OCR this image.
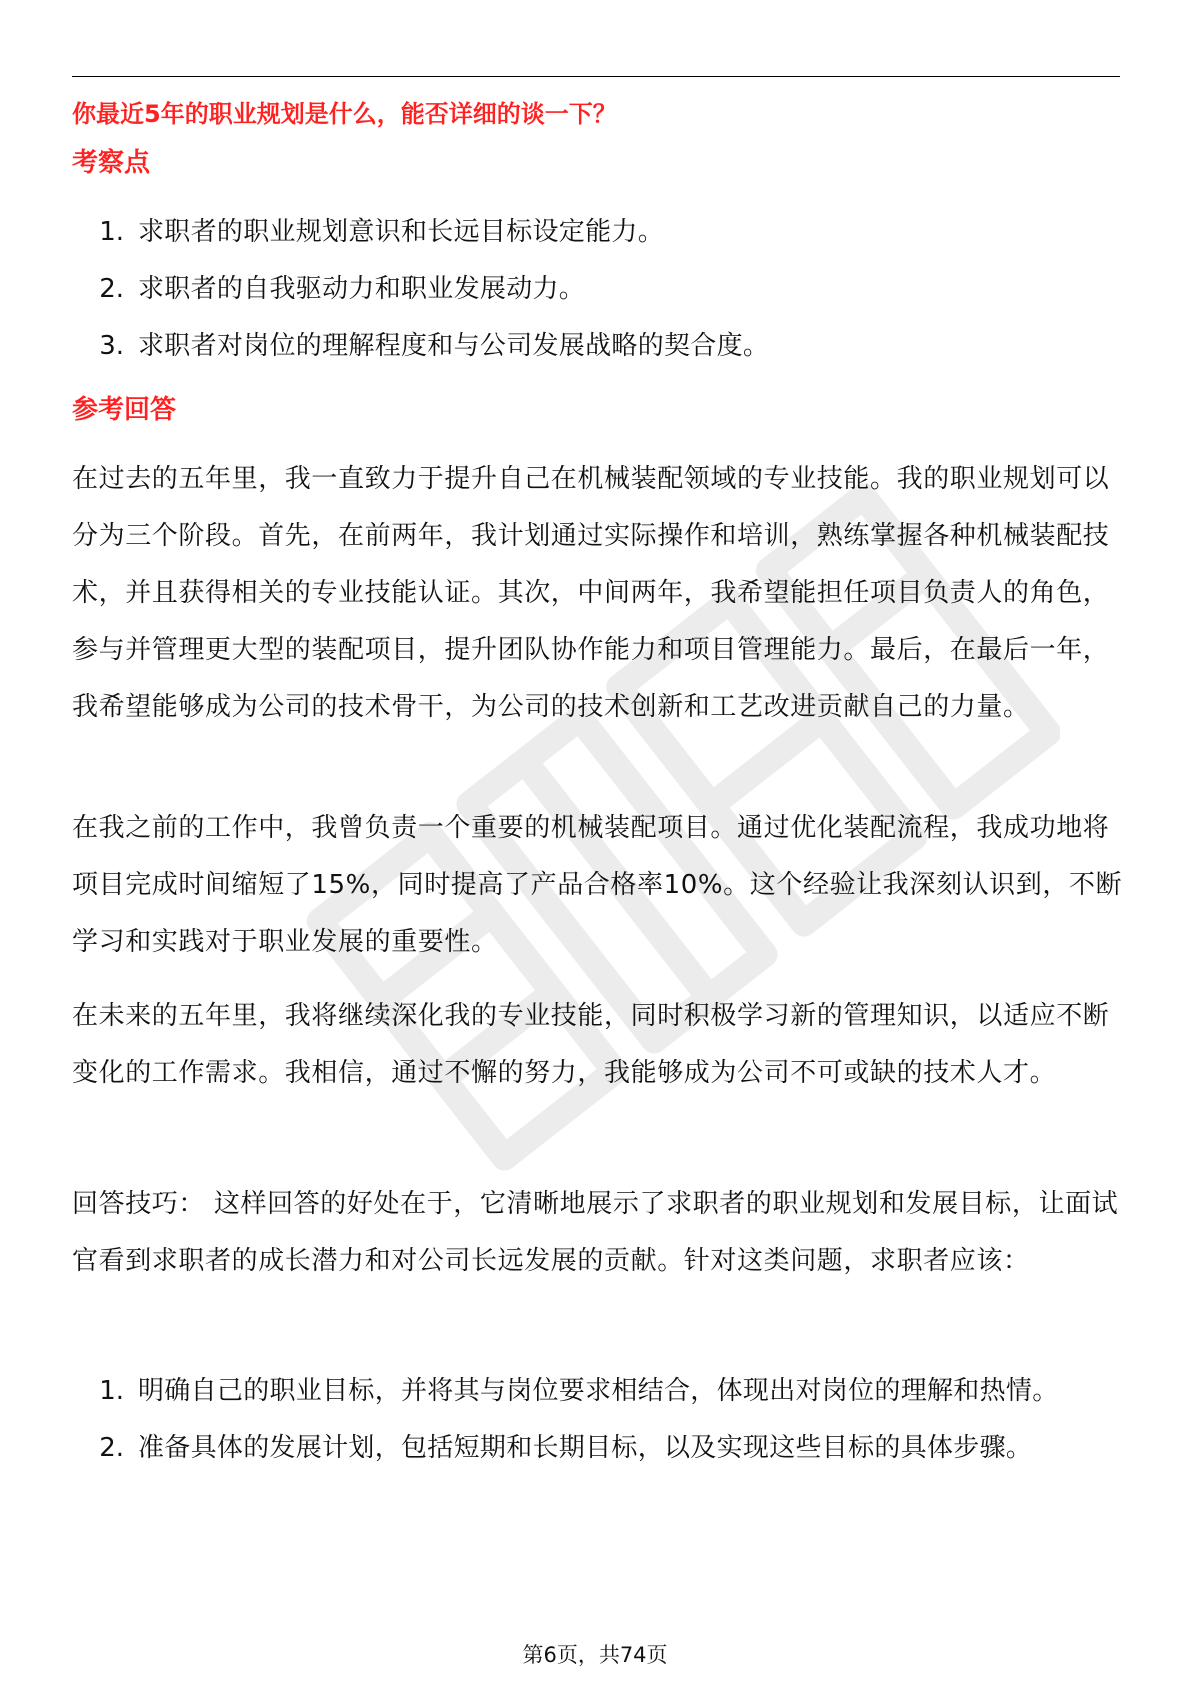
你最近5年的职业规划是什么，能否详细的谈一下？
考察点
1. 求职者的职业规划意识和长远目标设定能力。
2. 求职者的自我驱动力和职业发展动力。
3. 求职者对岗位的理解程度和与公司发展战略的契合度。
参考回答
在过去的五年里，我一直致力于提升自己在机械装配领域的专业技能。我的职业规划可以分为三个阶段。首先，在前两年，我计划通过实际操作和培训，熟练掌握各种机械装配技术，并且获得相关的专业技能认证。其次，中间两年，我希望能担任项目负责人的角色，参与并管理更大型的装配项目，提升团队协作能力和项目管理能力。最后，在最后一年，我希望能够成为公司的技术骨干，为公司的技术创新和工艺改进贡献自己的力量。
在我之前的工作中，我曾负责一个重要的机械装配项目。通过优化装配流程，我成功地将项目完成时间缩短了15%，同时提高了产品合格率10%。这个经验让我深刻认识到，不断学习和实践对于职业发展的重要性。
在未来的五年里，我将继续深化我的专业技能，同时积极学习新的管理知识，以适应不断变化的工作需求。我相信，通过不懈的努力，我能够成为公司不可或缺的技术人才。
回答技巧： 这样回答的好处在于，它清晰地展示了求职者的职业规划和发展目标，让面试官看到求职者的成长潜力和对公司长远发展的贡献。针对这类问题，求职者应该：
1. 明确自己的职业目标，并将其与岗位要求相结合，体现出对岗位的理解和热情。
2. 准备具体的发展计划，包括短期和长期目标，以及实现这些目标的具体步骤。
第6页，共74页
